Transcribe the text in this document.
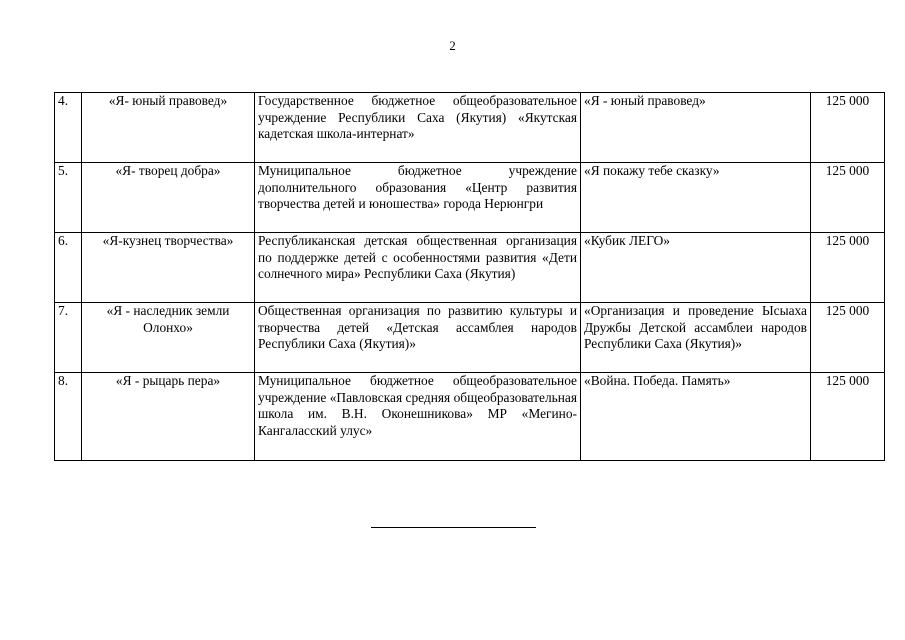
2
4.	«Я- юный правовед»	Государственное бюджетное общеобразовательное учреждение Республики Саха (Якутия) «Якутская кадетская школа-интернат»	«Я - юный правовед»	125 000
5.	«Я- творец добра»	Муниципальное бюджетное учреждение дополнительного образования «Центр развития творчества детей и юношества» города Нерюнгри	«Я покажу тебе сказку»	125 000
6.	«Я-кузнец творчества»	Республиканская детская общественная организация по поддержке детей с особенностями развития «Дети солнечного мира» Республики Саха (Якутия)	«Кубик ЛЕГО»	125 000
7.	«Я - наследник земли Олонхо»	Общественная организация по развитию культуры и творчества детей «Детская ассамблея народов Республики Саха (Якутия)»	«Организация и проведение Ысыаха Дружбы Детской ассамблеи народов Республики Саха (Якутия)»	125 000
8.	«Я - рыцарь пера»	Муниципальное бюджетное общеобразовательное учреждение «Павловская средняя общеобразовательная школа им. В.Н. Оконешникова» МР «Мегино-Кангаласский улус»	«Война. Победа. Память»	125 000
